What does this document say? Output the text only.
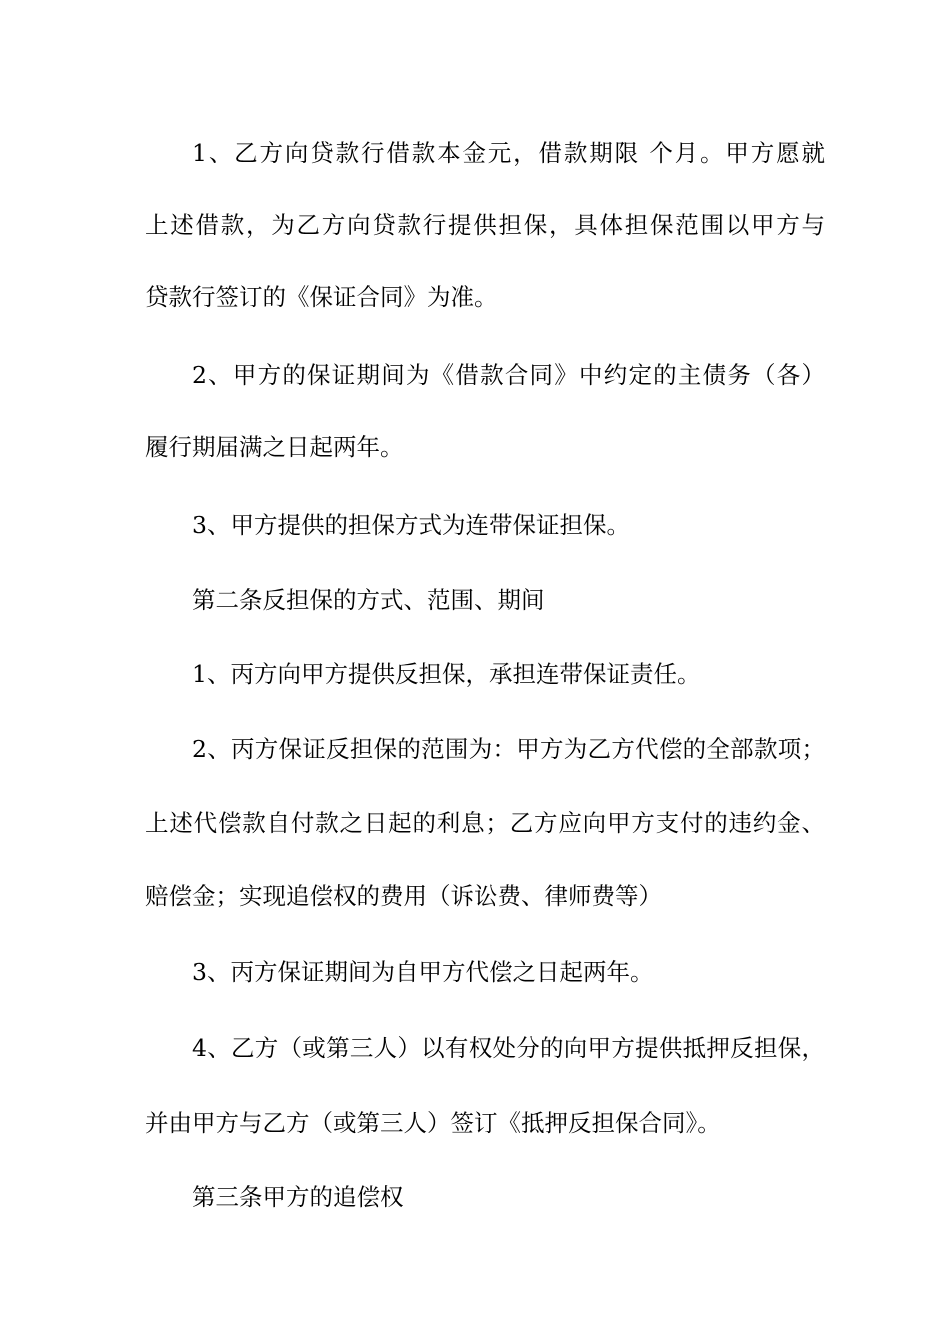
1、乙方向贷款行借款本金元，借款期限 个月。甲方愿就
上述借款，为乙方向贷款行提供担保，具体担保范围以甲方与
贷款行签订的《保证合同》为准。
2、甲方的保证期间为《借款合同》中约定的主债务（各）
履行期届满之日起两年。
3、甲方提供的担保方式为连带保证担保。
第二条反担保的方式、范围、期间
1、丙方向甲方提供反担保，承担连带保证责任。
2、丙方保证反担保的范围为：甲方为乙方代偿的全部款项；
上述代偿款自付款之日起的利息；乙方应向甲方支付的违约金、
赔偿金；实现追偿权的费用（诉讼费、律师费等）
3、丙方保证期间为自甲方代偿之日起两年。
4、乙方（或第三人）以有权处分的向甲方提供抵押反担保，
并由甲方与乙方（或第三人）签订《抵押反担保合同》。
第三条甲方的追偿权
